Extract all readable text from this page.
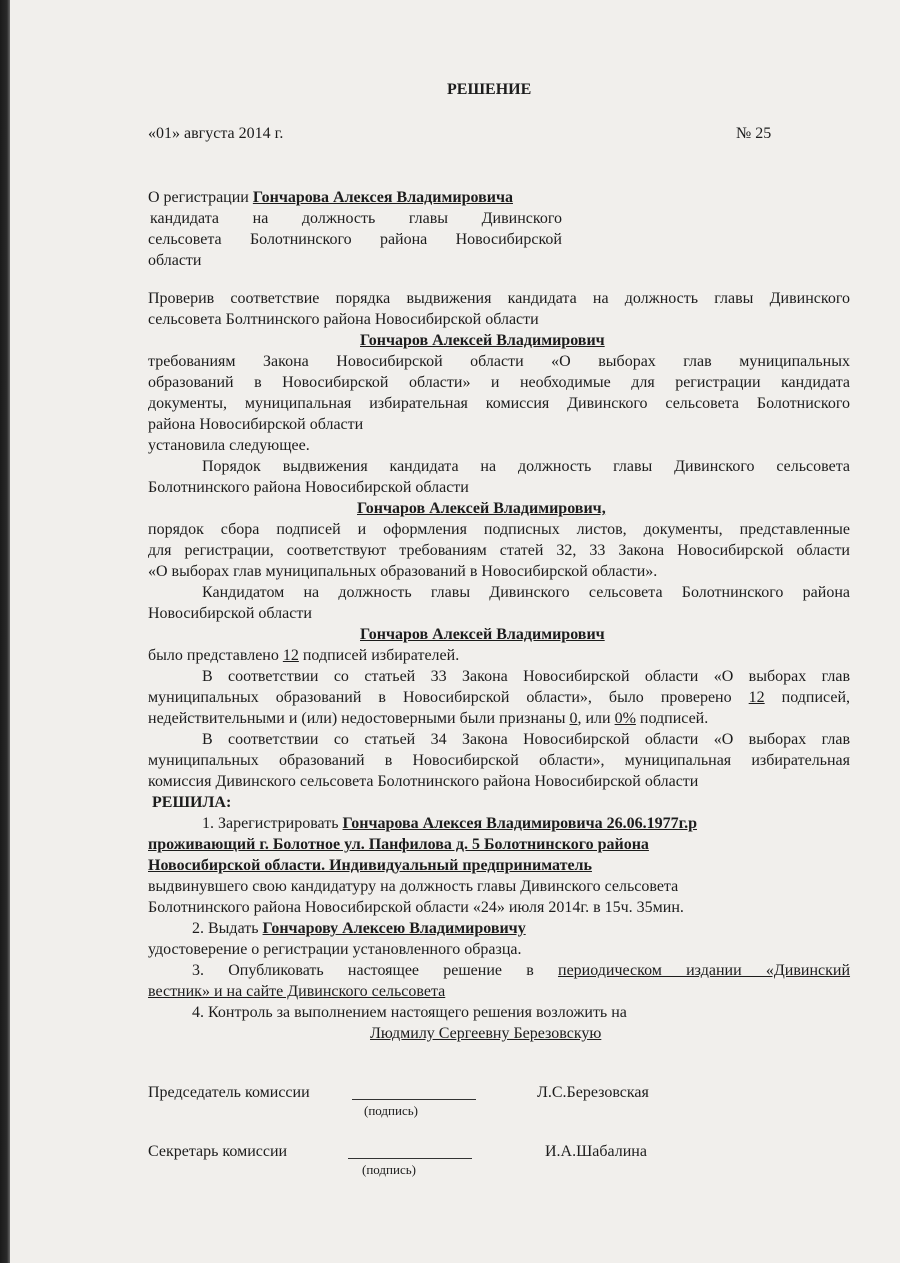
РЕШЕНИЕ

«01» августа 2014 г.	№ 25

О регистрации Гончарова Алексея Владимировича

кандидата на должность главы Дивинского

сельсовета Болотнинского района Новосибирской

области

Проверив соответствие порядка выдвижения кандидата на должность главы Дивинского

сельсовета Болтнинского района Новосибирской области

Гончаров Алексей Владимирович

требованиям Закона Новосибирской области «О выборах глав муниципальных

образований в Новосибирской области» и необходимые для регистрации кандидата

документы, муниципальная избирательная комиссия Дивинского сельсовета Болотниского

района Новосибирской области

установила следующее.

Порядок выдвижения кандидата на должность главы Дивинского сельсовета

Болотнинского района Новосибирской области

Гончаров Алексей Владимирович,

порядок сбора подписей и оформления подписных листов, документы, представленные

для регистрации, соответствуют требованиям статей 32, 33 Закона Новосибирской области

«О выборах глав муниципальных образований в Новосибирской области».

Кандидатом на должность главы Дивинского сельсовета Болотнинского района

Новосибирской области

Гончаров Алексей Владимирович

было представлено 12 подписей избирателей.

В соответствии со статьей 33 Закона Новосибирской области «О выборах глав

муниципальных образований в Новосибирской области», было проверено 12 подписей,

недействительными и (или) недостоверными были признаны 0, или 0% подписей.

В соответствии со статьей 34 Закона Новосибирской области «О выборах глав

муниципальных образований в Новосибирской области», муниципальная избирательная

комиссия Дивинского сельсовета Болотнинского района Новосибирской области

РЕШИЛА:

1. Зарегистрировать Гончарова Алексея Владимировича 26.06.1977г.р

проживающий г. Болотное ул. Панфилова д. 5 Болотнинского района

Новосибирской области. Индивидуальный предприниматель

выдвинувшего свою кандидатуру на должность главы Дивинского сельсовета

Болотнинского района Новосибирской области «24» июля 2014г. в 15ч. 35мин.

2. Выдать Гончарову Алексею Владимировичу

удостоверение о регистрации установленного образца.

3. Опубликовать настоящее решение в периодическом издании «Дивинский

вестник» и на сайте Дивинского сельсовета

4. Контроль за выполнением настоящего решения возложить на

Людмилу Сергеевну Березовскую

Председатель комиссии

(подпись)

Л.С.Березовская

Секретарь комиссии

(подпись)

И.А.Шабалина
